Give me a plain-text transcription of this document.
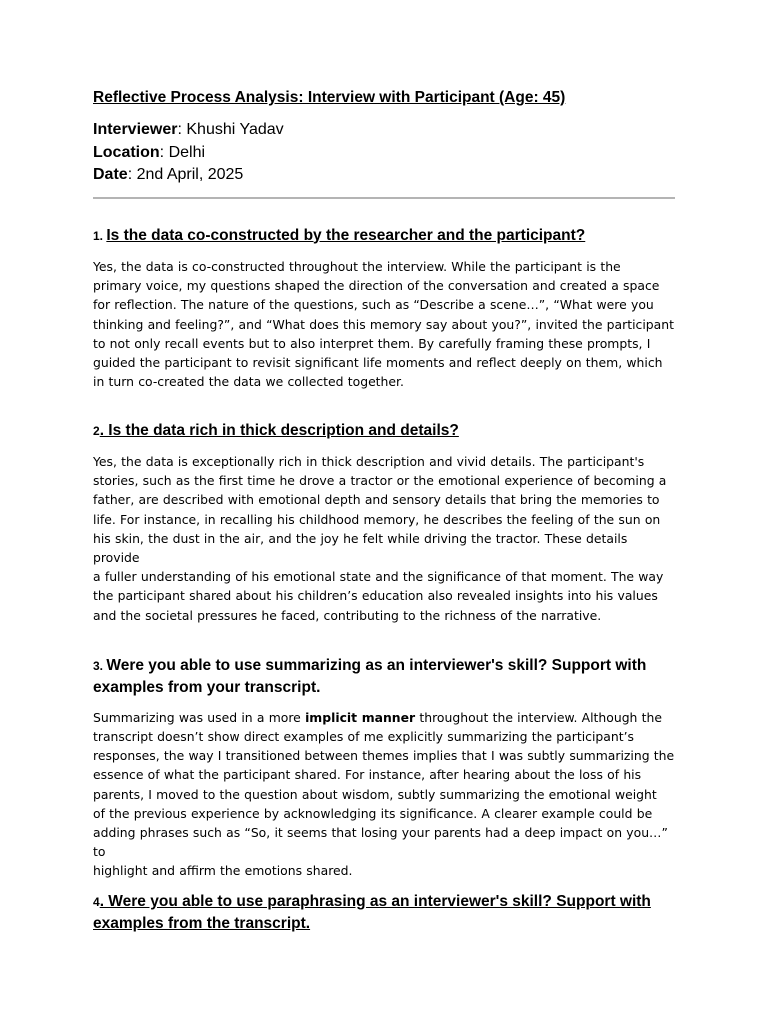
Reflective Process Analysis: Interview with Participant (Age: 45)
Interviewer: Khushi Yadav
Location: Delhi
Date: 2nd April, 2025
1. Is the data co-constructed by the researcher and the participant?
Yes, the data is co-constructed throughout the interview. While the participant is the
primary voice, my questions shaped the direction of the conversation and created a space
for reflection. The nature of the questions, such as “Describe a scene…”, “What were you
thinking and feeling?”, and “What does this memory say about you?”, invited the participant
to not only recall events but to also interpret them. By carefully framing these prompts, I
guided the participant to revisit significant life moments and reflect deeply on them, which
in turn co-created the data we collected together.
2. Is the data rich in thick description and details?
Yes, the data is exceptionally rich in thick description and vivid details. The participant's
stories, such as the first time he drove a tractor or the emotional experience of becoming a
father, are described with emotional depth and sensory details that bring the memories to
life. For instance, in recalling his childhood memory, he describes the feeling of the sun on
his skin, the dust in the air, and the joy he felt while driving the tractor. These details provide
a fuller understanding of his emotional state and the significance of that moment. The way
the participant shared about his children’s education also revealed insights into his values
and the societal pressures he faced, contributing to the richness of the narrative.
3. Were you able to use summarizing as an interviewer's skill? Support with
examples from your transcript.
Summarizing was used in a more implicit manner throughout the interview. Although the
transcript doesn’t show direct examples of me explicitly summarizing the participant’s
responses, the way I transitioned between themes implies that I was subtly summarizing the
essence of what the participant shared. For instance, after hearing about the loss of his
parents, I moved to the question about wisdom, subtly summarizing the emotional weight
of the previous experience by acknowledging its significance. A clearer example could be
adding phrases such as “So, it seems that losing your parents had a deep impact on you…” to
highlight and affirm the emotions shared.
4. Were you able to use paraphrasing as an interviewer's skill? Support with
examples from the transcript.
